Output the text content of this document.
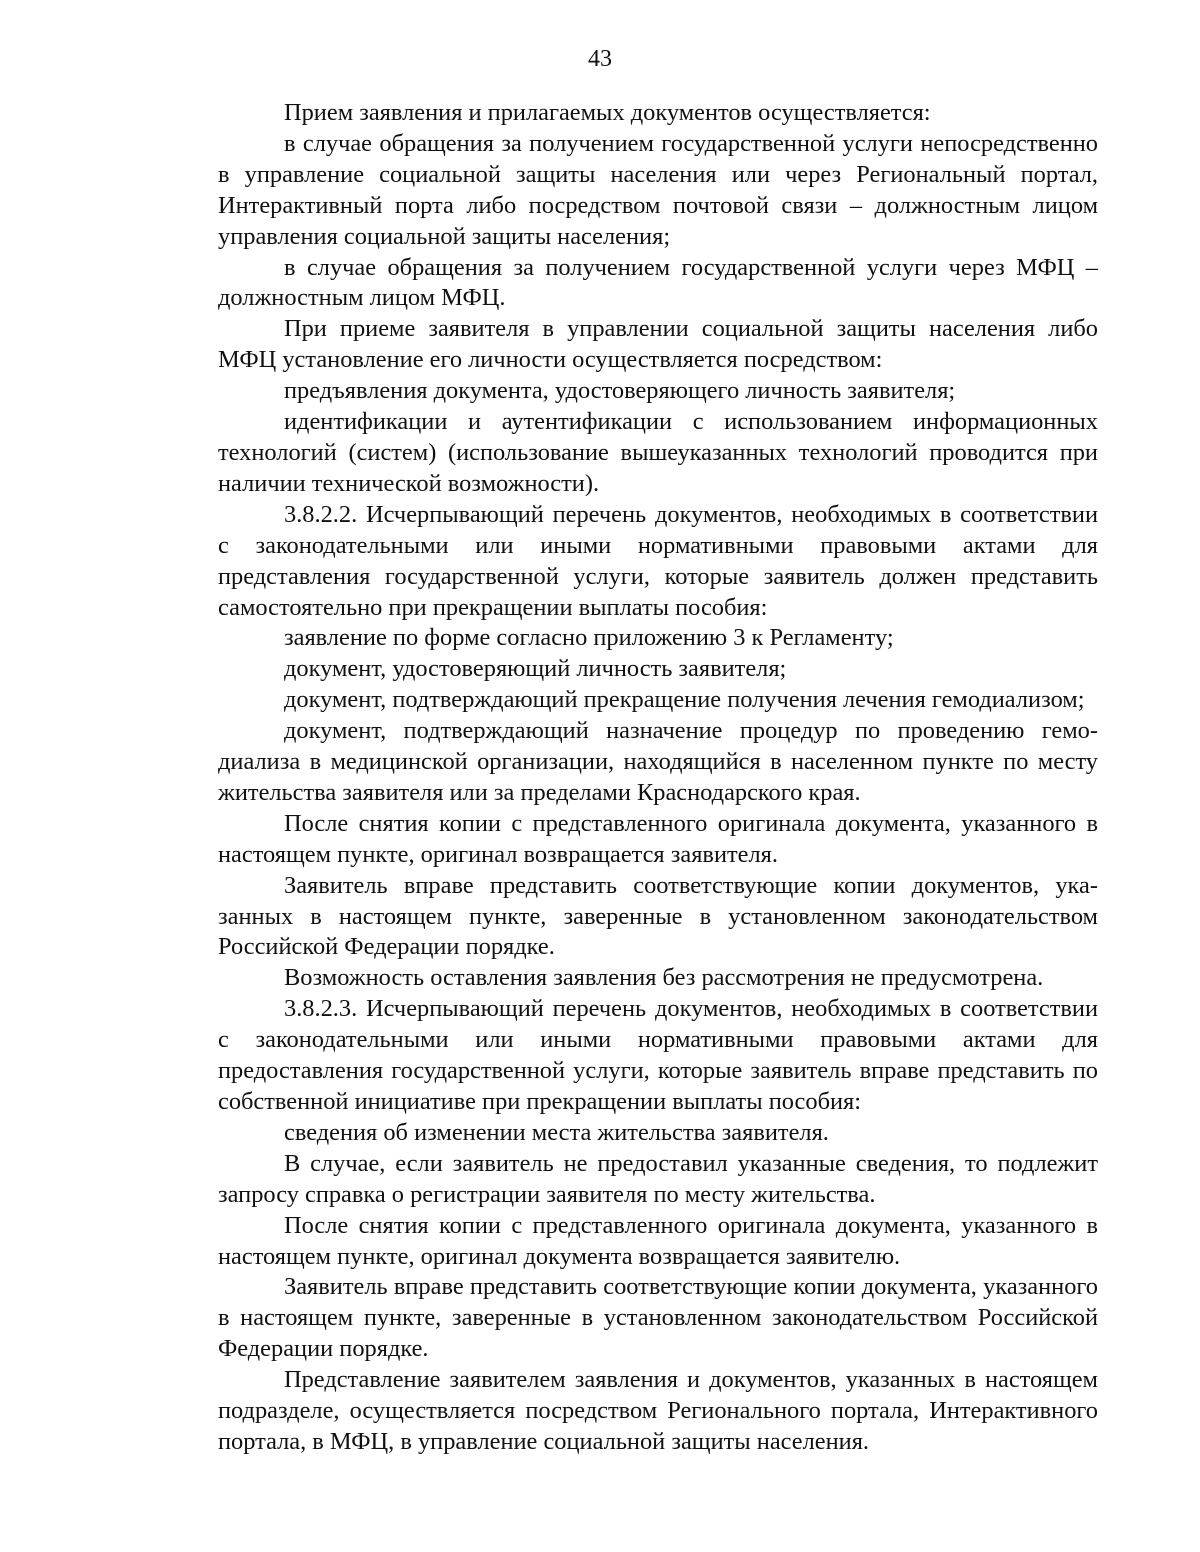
43

Прием заявления и прилагаемых документов осуществляется:

в случае обращения за получением государственной услуги непосредственно в управление социальной защиты населения или через Региональный портал, Интерактивный порта либо посредством почтовой связи – должностным лицом управления социальной защиты населения;

в случае обращения за получением государственной услуги через МФЦ – должностным лицом МФЦ.

При приеме заявителя в управлении социальной защиты населения либо МФЦ установление его личности осуществляется посредством:

предъявления документа, удостоверяющего личность заявителя;

идентификации и аутентификации с использованием информационных технологий (систем) (использование вышеуказанных технологий проводится при наличии технической возможности).

3.8.2.2. Исчерпывающий перечень документов, необходимых в соответствии с законодательными или иными нормативными правовыми актами для представления государственной услуги, которые заявитель должен представить самостоятельно при прекращении выплаты пособия:

заявление по форме согласно приложению 3 к Регламенту;

документ, удостоверяющий личность заявителя;

документ, подтверждающий прекращение получения лечения гемодиализом;

документ, подтверждающий назначение процедур по проведению гемодиализа в медицинской организации, находящийся в населенном пункте по месту жительства заявителя или за пределами Краснодарского края.

После снятия копии с представленного оригинала документа, указанного в настоящем пункте, оригинал возвращается заявителя.

Заявитель вправе представить соответствующие копии документов, указанных в настоящем пункте, заверенные в установленном законодательством Российской Федерации порядке.

Возможность оставления заявления без рассмотрения не предусмотрена.

3.8.2.3. Исчерпывающий перечень документов, необходимых в соответствии с законодательными или иными нормативными правовыми актами для предоставления государственной услуги, которые заявитель вправе представить по собственной инициативе при прекращении выплаты пособия:

сведения об изменении места жительства заявителя.

В случае, если заявитель не предоставил указанные сведения, то подлежит запросу справка о регистрации заявителя по месту жительства.

После снятия копии с представленного оригинала документа, указанного в настоящем пункте, оригинал документа возвращается заявителю.

Заявитель вправе представить соответствующие копии документа, указанного в настоящем пункте, заверенные в установленном законодательством Российской Федерации порядке.

Представление заявителем заявления и документов, указанных в настоящем подразделе, осуществляется посредством Регионального портала, Интерактивного портала, в МФЦ, в управление социальной защиты населения.
